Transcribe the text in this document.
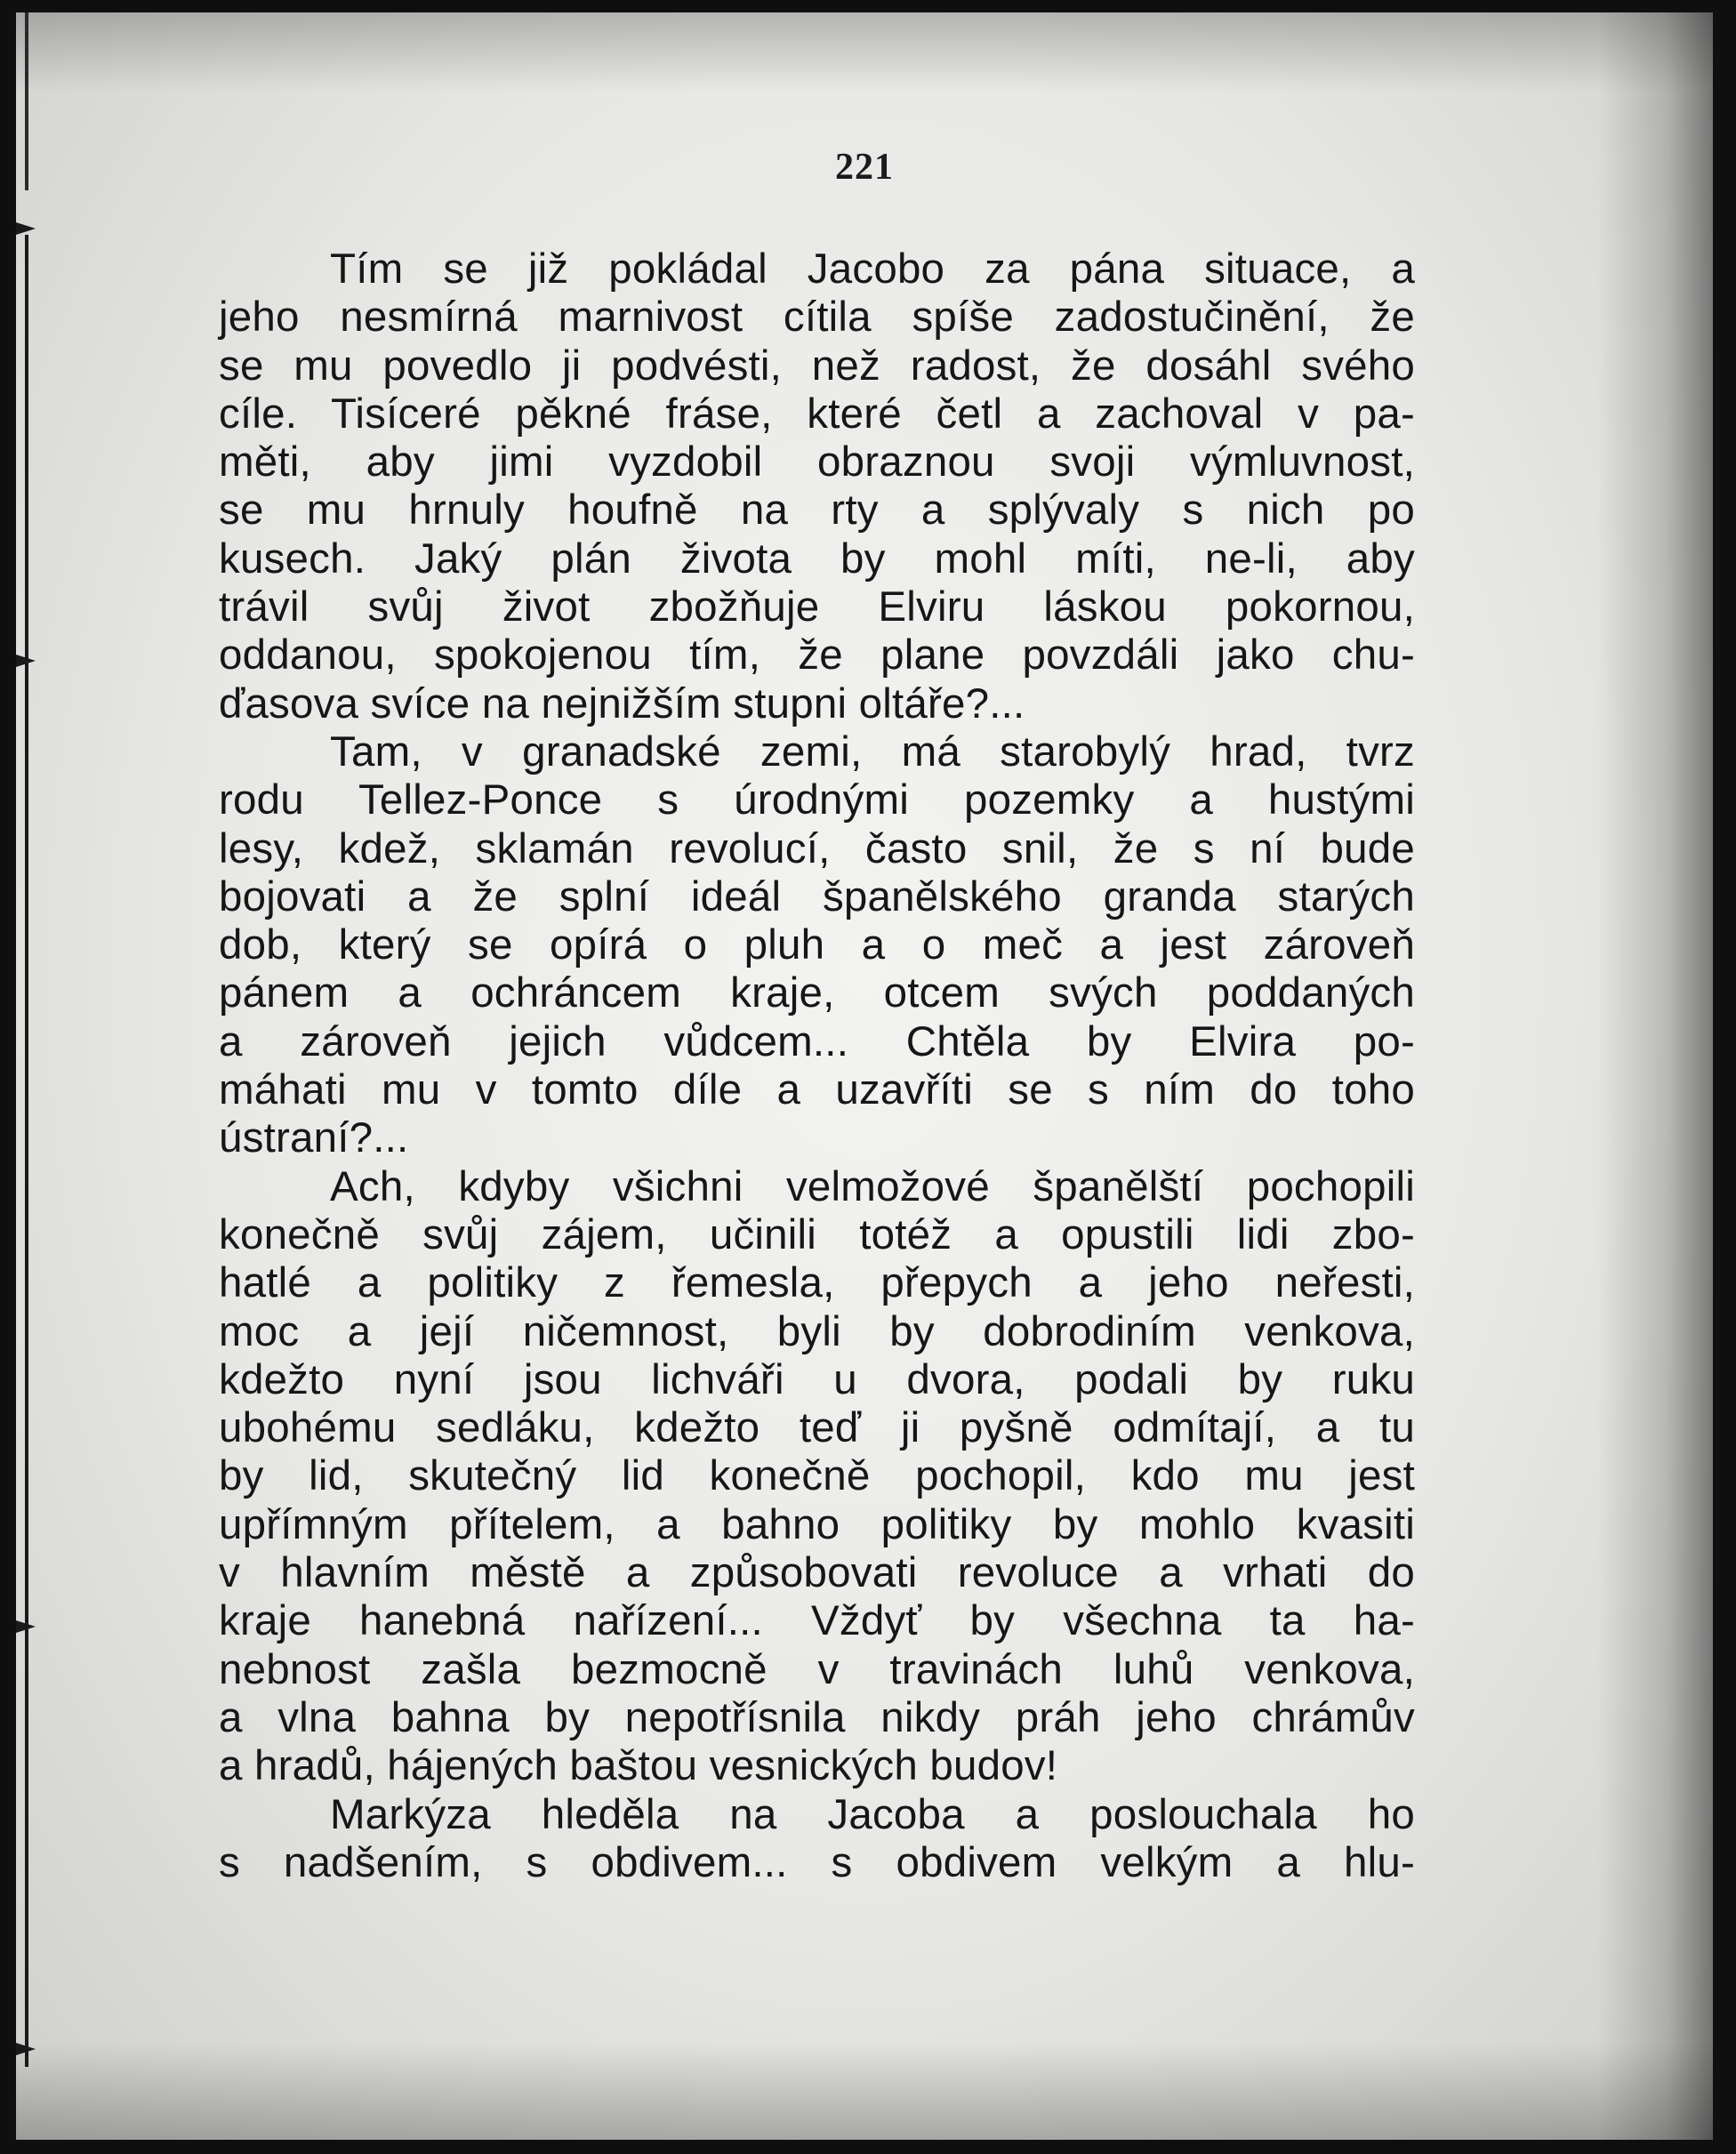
221
Tím se již pokládal Jacobo za pána situace, a
jeho nesmírná marnivost cítila spíše zadostučinění, že
se mu povedlo ji podvésti, než radost, že dosáhl svého
cíle. Tisíceré pěkné fráse, které četl a zachoval v pa-
měti, aby jimi vyzdobil obraznou svoji výmluvnost,
se mu hrnuly houfně na rty a splývaly s nich po
kusech. Jaký plán života by mohl míti, ne-li, aby
trávil svůj život zbožňuje Elviru láskou pokornou,
oddanou, spokojenou tím, že plane povzdáli jako chu-
ďasova svíce na nejnižším stupni oltáře?...
Tam, v granadské zemi, má starobylý hrad, tvrz
rodu Tellez-Ponce s úrodnými pozemky a hustými
lesy, kdež, sklamán revolucí, často snil, že s ní bude
bojovati a že splní ideál španělského granda starých
dob, který se opírá o pluh a o meč a jest zároveň
pánem a ochráncem kraje, otcem svých poddaných
a zároveň jejich vůdcem... Chtěla by Elvira po-
máhati mu v tomto díle a uzavříti se s ním do toho
ústraní?...
Ach, kdyby všichni velmožové španělští pochopili
konečně svůj zájem, učinili totéž a opustili lidi zbo-
hatlé a politiky z řemesla, přepych a jeho neřesti,
moc a její ničemnost, byli by dobrodiním venkova,
kdežto nyní jsou lichváři u dvora, podali by ruku
ubohému sedláku, kdežto teď ji pyšně odmítají, a tu
by lid, skutečný lid konečně pochopil, kdo mu jest
upřímným přítelem, a bahno politiky by mohlo kvasiti
v hlavním městě a způsobovati revoluce a vrhati do
kraje hanebná nařízení... Vždyť by všechna ta ha-
nebnost zašla bezmocně v travinách luhů venkova,
a vlna bahna by nepotřísnila nikdy práh jeho chrámův
a hradů, hájených baštou vesnických budov!
Markýza hleděla na Jacoba a poslouchala ho
s nadšením, s obdivem... s obdivem velkým a hlu-
